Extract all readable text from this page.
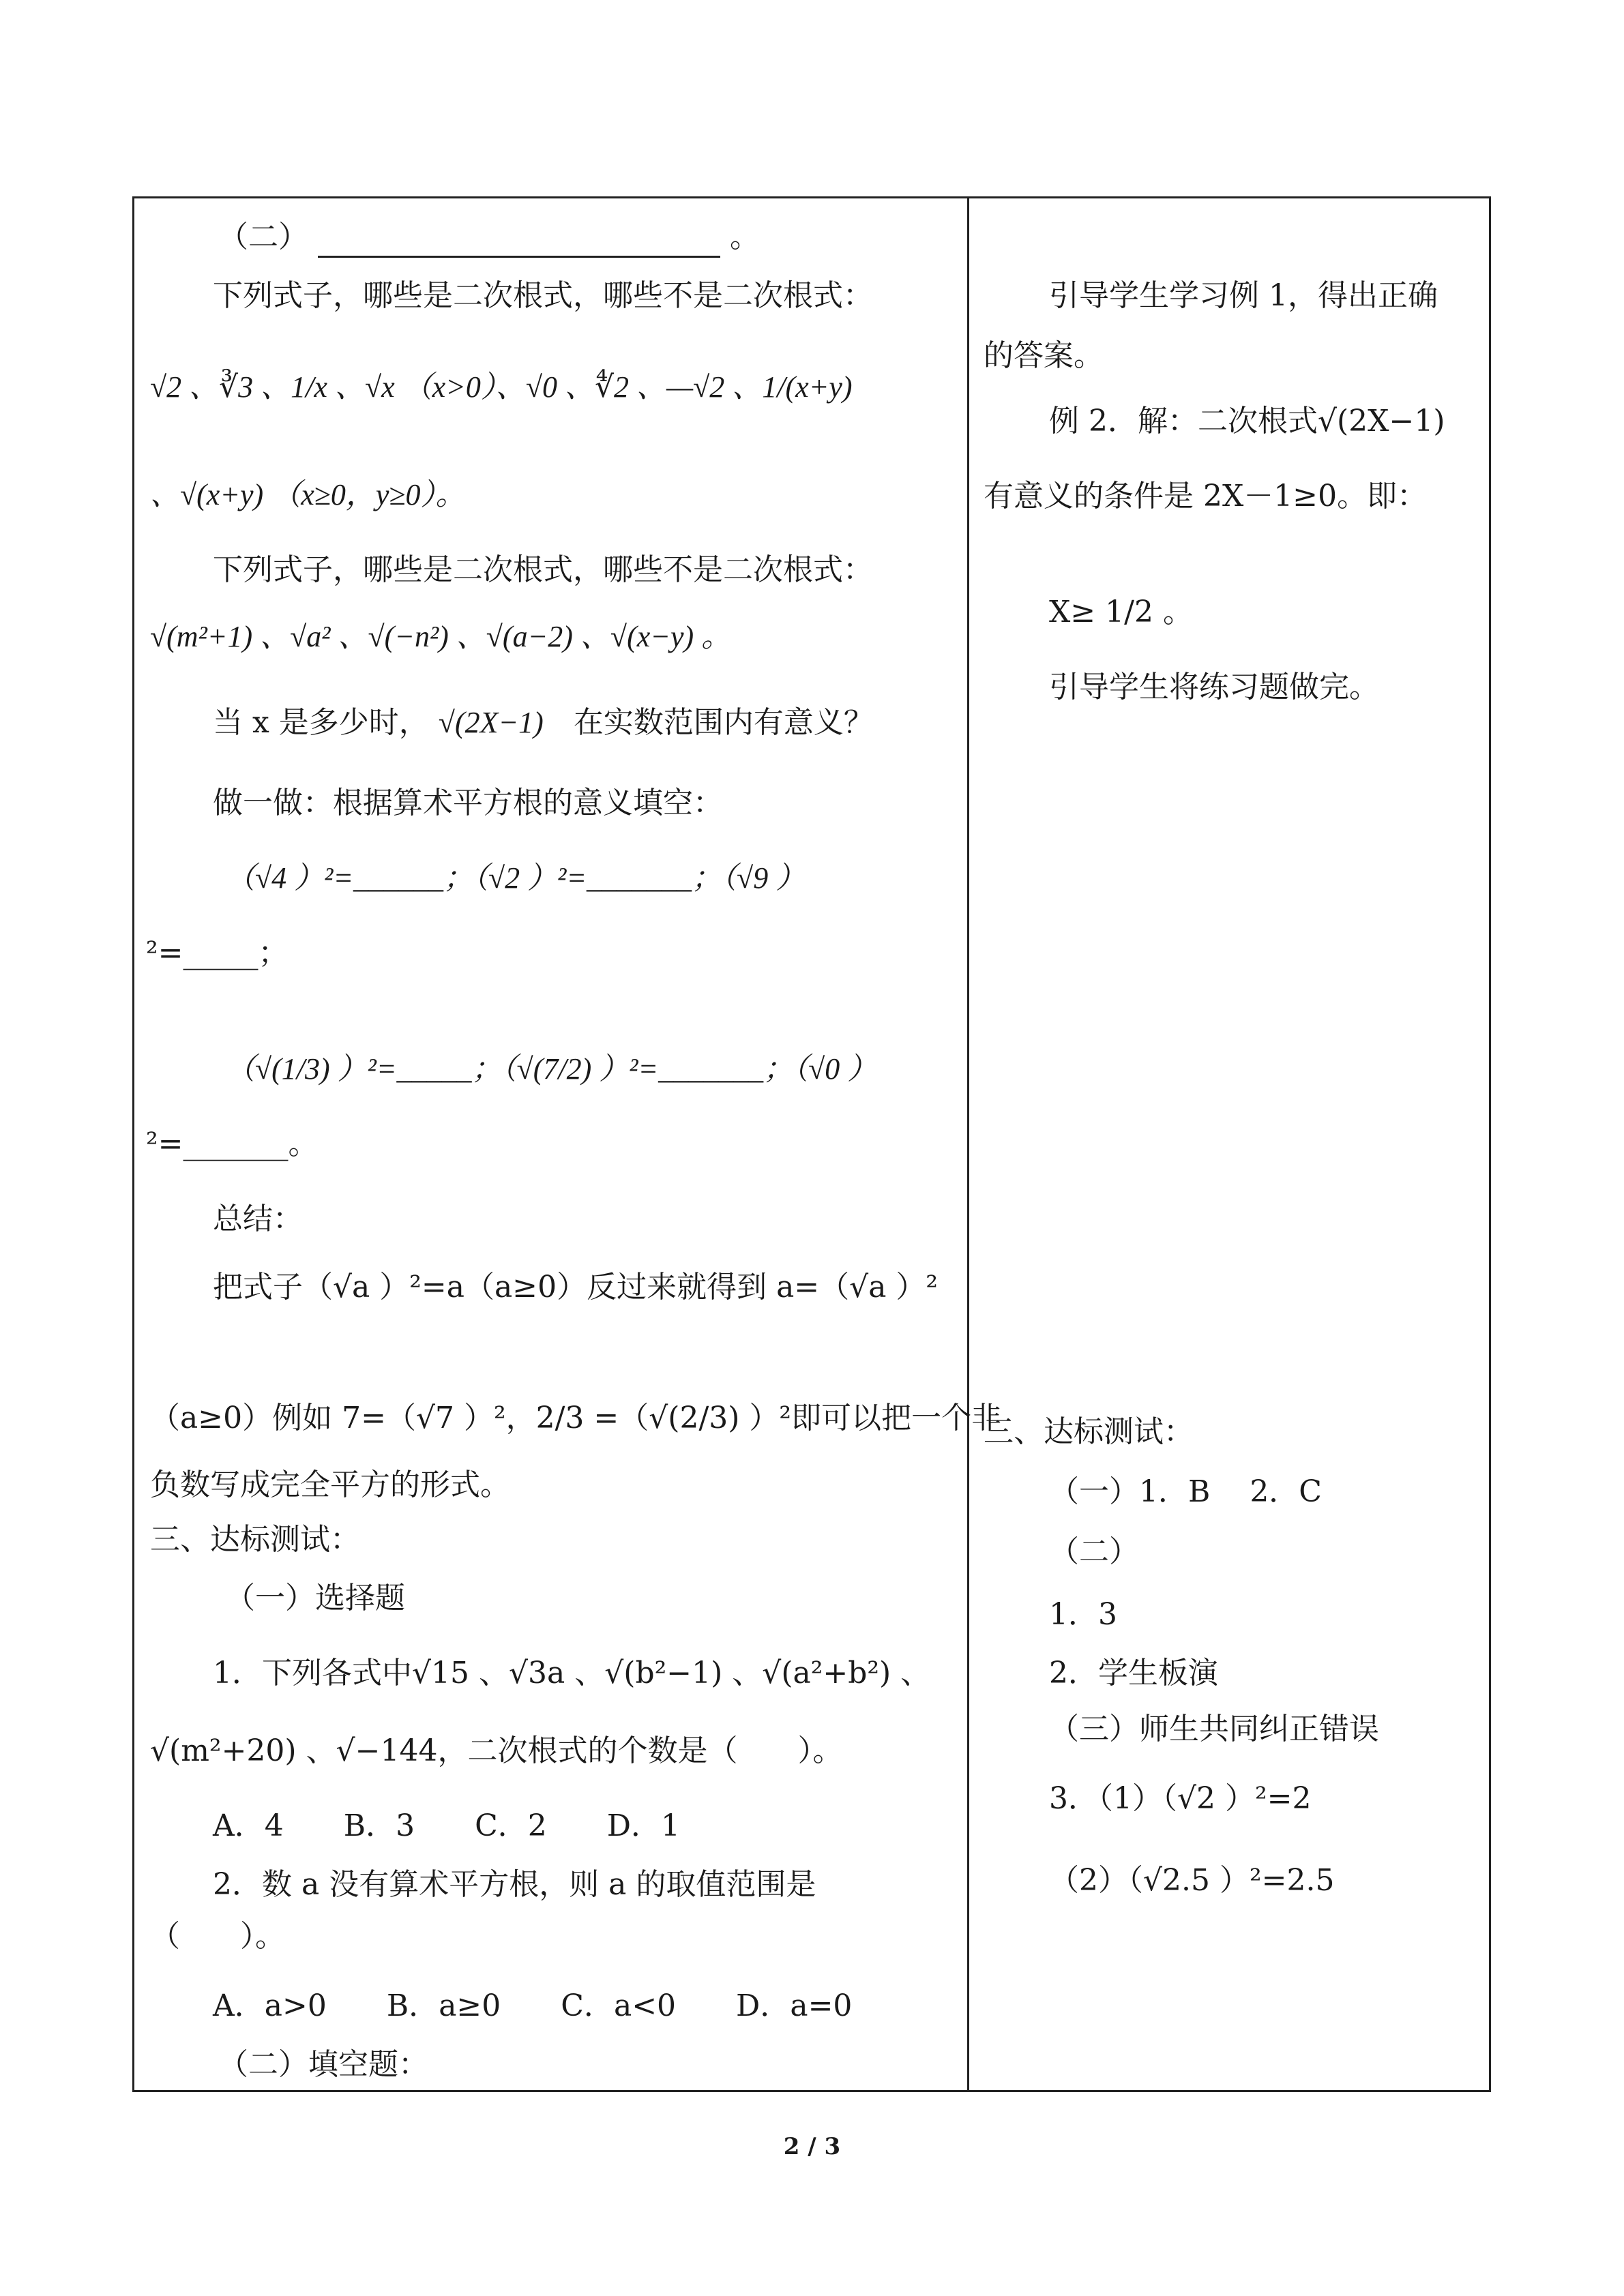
（二）	。
下列式子，哪些是二次根式，哪些不是二次根式：
√2 、∛3 、1/x 、√x （x>0）、√0 、∜2 、—√2 、1/(x+y)
、√(x+y) （x≥0，y≥0）。
下列式子，哪些是二次根式，哪些不是二次根式：
√(m²+1) 、√a² 、√(−n²) 、√(a−2) 、√(x−y) 。
当 x 是多少时， √(2X−1) 在实数范围内有意义？
做一做：根据算术平方根的意义填空：
（√4 ）²=______；（√2 ）²=_______；（√9 ）
²=_____；
（√(1/3) ）²=_____；（√(7/2) ）²=_______；（√0 ）
²=_______。
总结：
把式子（√a ）²=a（a≥0）反过来就得到 a=（√a ）²
（a≥0）例如 7=（√7 ）²，2/3 =（√(2/3) ）²即可以把一个非
负数写成完全平方的形式。
三、达标测试：
（一）选择题
1．下列各式中√15 、√3a 、√(b²−1) 、√(a²+b²) 、
√(m²+20) 、√−144，二次根式的个数是（　　）。
A．4　　B．3　　C．2　　D．1
2．数 a 没有算术平方根，则 a 的取值范围是
（　　）。
A．a>0　　B．a≥0　　C．a<0　　D．a=0
（二）填空题：
引导学生学习例 1，得出正确
的答案。
例 2．解：二次根式√(2X−1)
有意义的条件是 2X－1≥0。即：
X≥ 1/2 。
引导学生将练习题做完。
三、达标测试：
（一）1．B　 2．C
（二）
1．3
2．学生板演
（三）师生共同纠正错误
3．（1）（√2 ）²=2
（2）（√2.5 ）²=2.5
2 / 3
